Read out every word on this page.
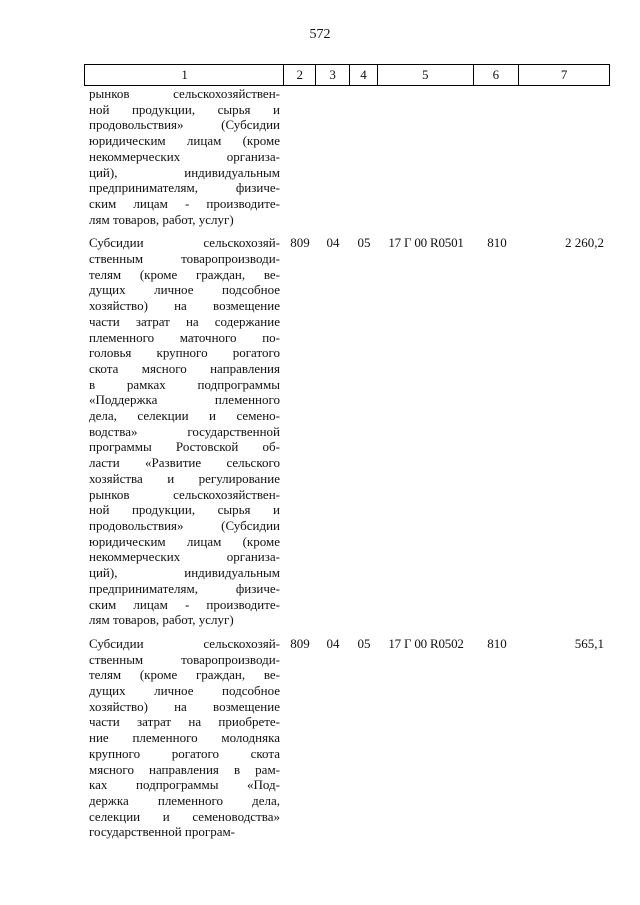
572
1	2	3	4	5	6	7
рынков сельскохозяйствен-
ной продукции, сырья и
продовольствия» (Субсидии
юридическим лицам (кроме
некоммерческих организа-
ций), индивидуальным
предпринимателям, физиче-
ским лицам - производите-
лям товаров, работ, услуг)
Субсидии сельскохозяй-
ственным товаропроизводи-
телям (кроме граждан, ве-
дущих личное подсобное
хозяйство) на возмещение
части затрат на содержание
племенного маточного по-
головья крупного рогатого
скота мясного направления
в рамках подпрограммы
«Поддержка племенного
дела, селекции и семено-
водства» государственной
программы Ростовской об-
ласти «Развитие сельского
хозяйства и регулирование
рынков сельскохозяйствен-
ной продукции, сырья и
продовольствия» (Субсидии
юридическим лицам (кроме
некоммерческих организа-
ций), индивидуальным
предпринимателям, физиче-
ским лицам - производите-
лям товаров, работ, услуг)
809	04	05	17 Г 00 R0501	810	2 260,2
Субсидии сельскохозяй-
ственным товаропроизводи-
телям (кроме граждан, ве-
дущих личное подсобное
хозяйство) на возмещение
части затрат на приобрете-
ние племенного молодняка
крупного рогатого скота
мясного направления в рам-
ках подпрограммы «Под-
держка племенного дела,
селекции и семеноводства»
государственной програм-
809	04	05	17 Г 00 R0502	810	565,1
